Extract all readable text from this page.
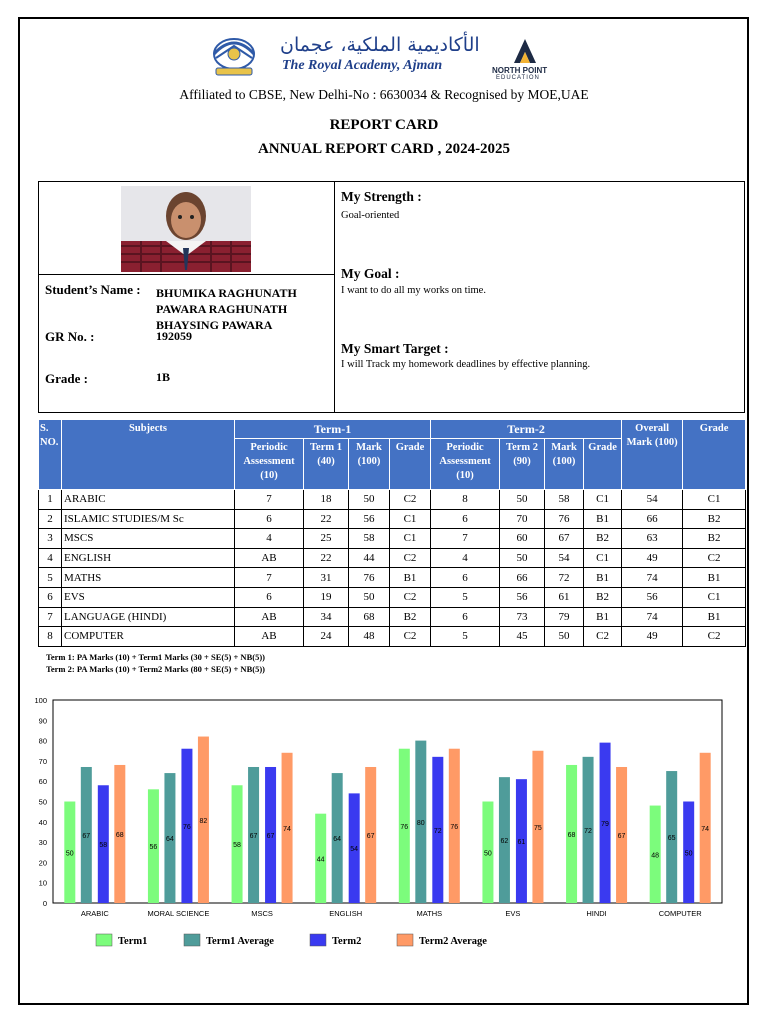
الأكاديمية الملكية، عجمان
The Royal Academy, Ajman	NORTH POINT
EDUCATION
Affiliated to CBSE, New Delhi-No : 6630034 & Recognised by MOE,UAE
REPORT CARD
ANNUAL REPORT CARD , 2024-2025
Student’s Name : BHUMIKA RAGHUNATH PAWARA RAGHUNATH BHAYSING PAWARA
GR No. :	192059
Grade :	1B
My Strength :
Goal-oriented
My Goal :
I want to do all my works on time.
My Smart Target :
I will Track my homework deadlines by effective planning.
S. NO.	Subjects	Term-1				Term-2				Overall Mark (100)	Grade
		Periodic Assessment (10)	Term 1 (40)	Mark (100)	Grade	Periodic Assessment (10)	Term 2 (90)	Mark (100)	Grade		
1	ARABIC	7	18	50	C2	8	50	58	C1	54	C1
2	ISLAMIC STUDIES/M Sc	6	22	56	C1	6	70	76	B1	66	B2
3	MSCS	4	25	58	C1	7	60	67	B2	63	B2
4	ENGLISH	AB	22	44	C2	4	50	54	C1	49	C2
5	MATHS	7	31	76	B1	6	66	72	B1	74	B1
6	EVS	6	19	50	C2	5	56	61	B2	56	C1
7	LANGUAGE (HINDI)	AB	34	68	B2	6	73	79	B1	74	B1
8	COMPUTER	AB	24	48	C2	5	45	50	C2	49	C2
Term 1: PA Marks (10) + Term1 Marks (30 + SE(5) + NB(5))
Term 2: PA Marks (10) + Term2 Marks (80 + SE(5) + NB(5))
0
10
20
30
40
50
60
70
80
90
100
50
67
58
68
ARABIC
56
64
76
82
MORAL SCIENCE
58
67 67
74
MSCS
44
64
54
67
ENGLISH
76
80
72
76
MATHS
50
62 61
75
EVS
68
72
79
67
HINDI
48
65
50
74
COMPUTER
Term1	Term1 Average	Term2	Term2 Average
